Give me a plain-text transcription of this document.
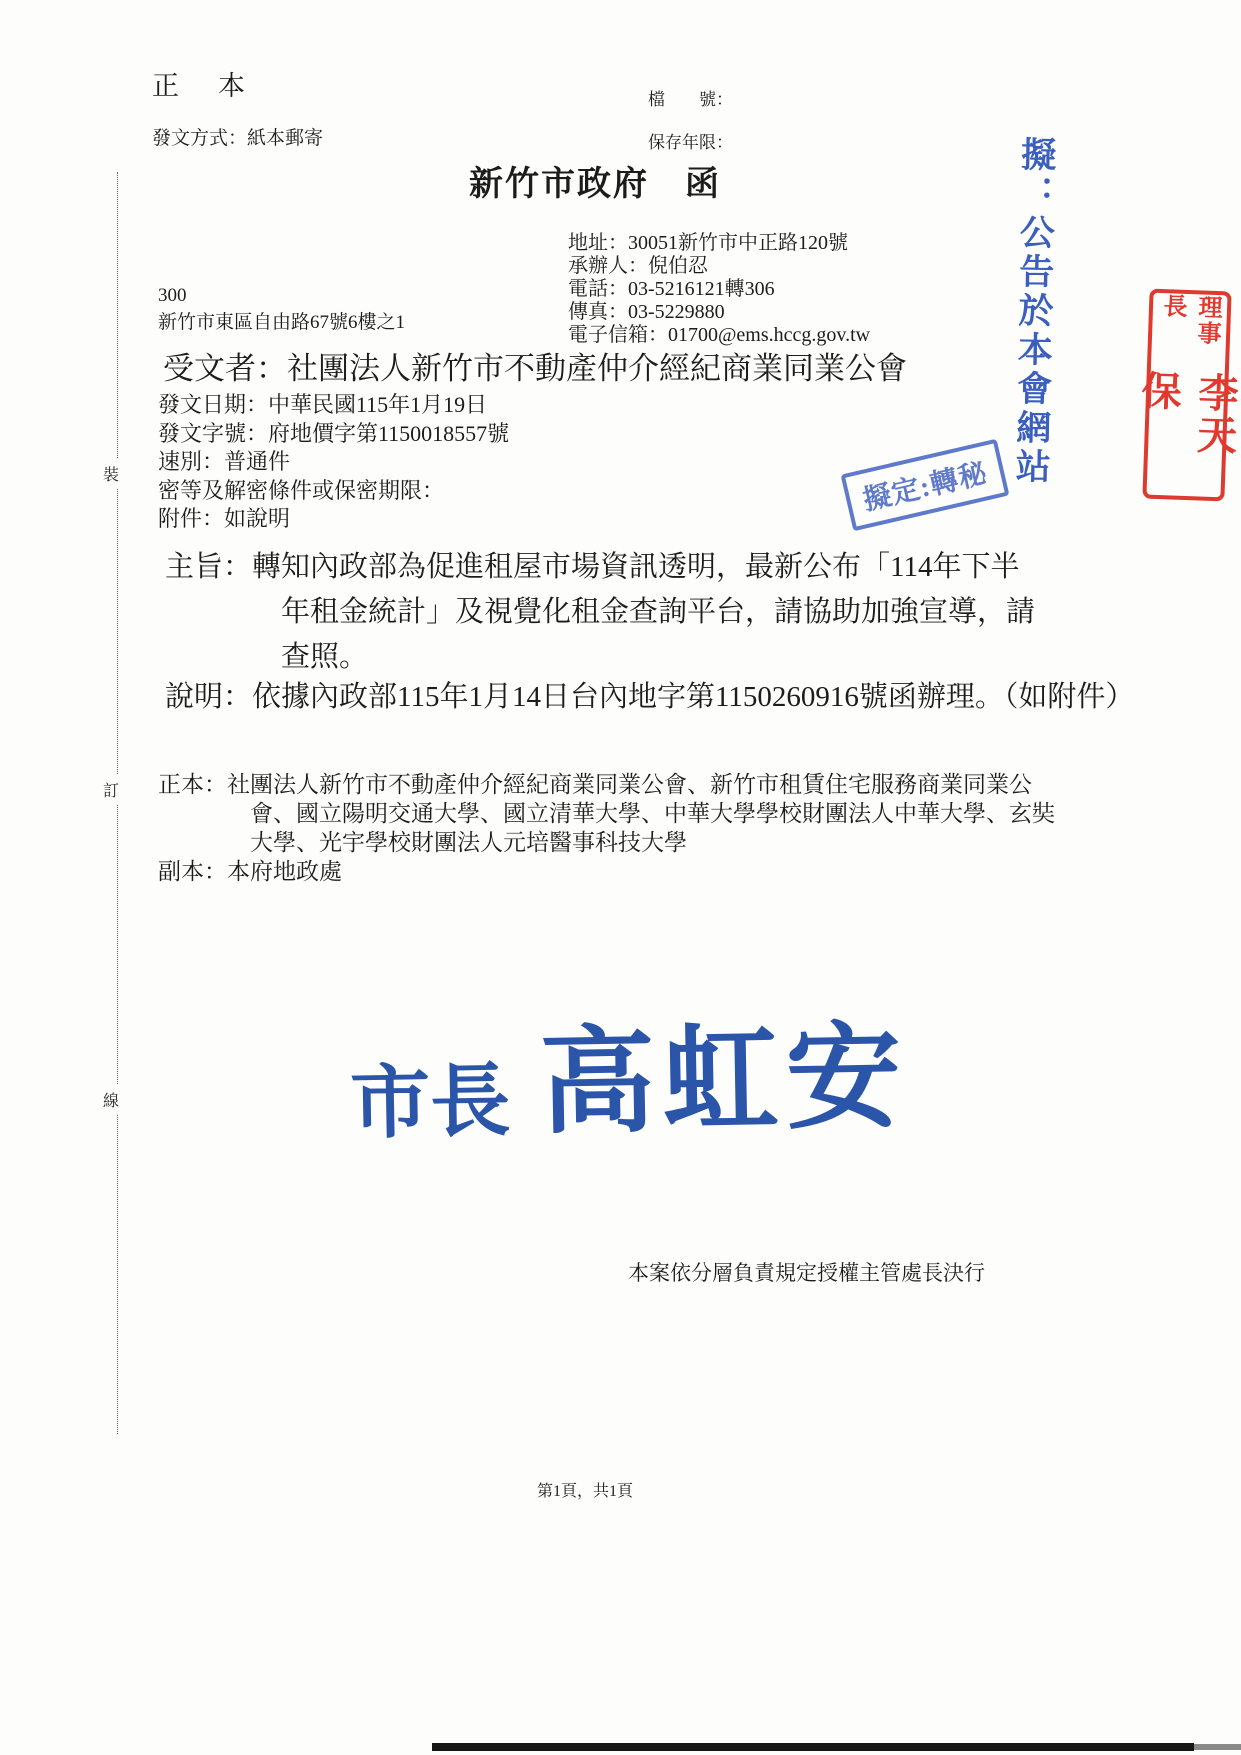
正　本
發文方式：紙本郵寄
檔　　號：
保存年限：
新竹市政府　函
地址：30051新竹市中正路120號
承辦人：倪伯忍
電話：03-5216121轉306
傳真：03-5229880
電子信箱：01700@ems.hccg.gov.tw
300
新竹市東區自由路67號6樓之1
受文者：社團法人新竹市不動產仲介經紀商業同業公會
發文日期：中華民國115年1月19日
發文字號：府地價字第1150018557號
速別：普通件
密等及解密條件或保密期限：
附件：如說明
主旨：轉知內政部為促進租屋市場資訊透明，最新公布「114年下半年租金統計」及視覺化租金查詢平台，請協助加強宣導，請查照。
說明：依據內政部115年1月14日台內地字第1150260916號函辦理。（如附件）
正本：社團法人新竹市不動產仲介經紀商業同業公會、新竹市租賃住宅服務商業同業公會、國立陽明交通大學、國立清華大學、中華大學學校財團法人中華大學、玄奘大學、光宇學校財團法人元培醫事科技大學
副本：本府地政處
市長 高虹安
本案依分層負責規定授權主管處長決行
第1頁，共1頁
裝
訂
線
擬：公告於本會網站	理事長
李天保
擬定:轉秘
